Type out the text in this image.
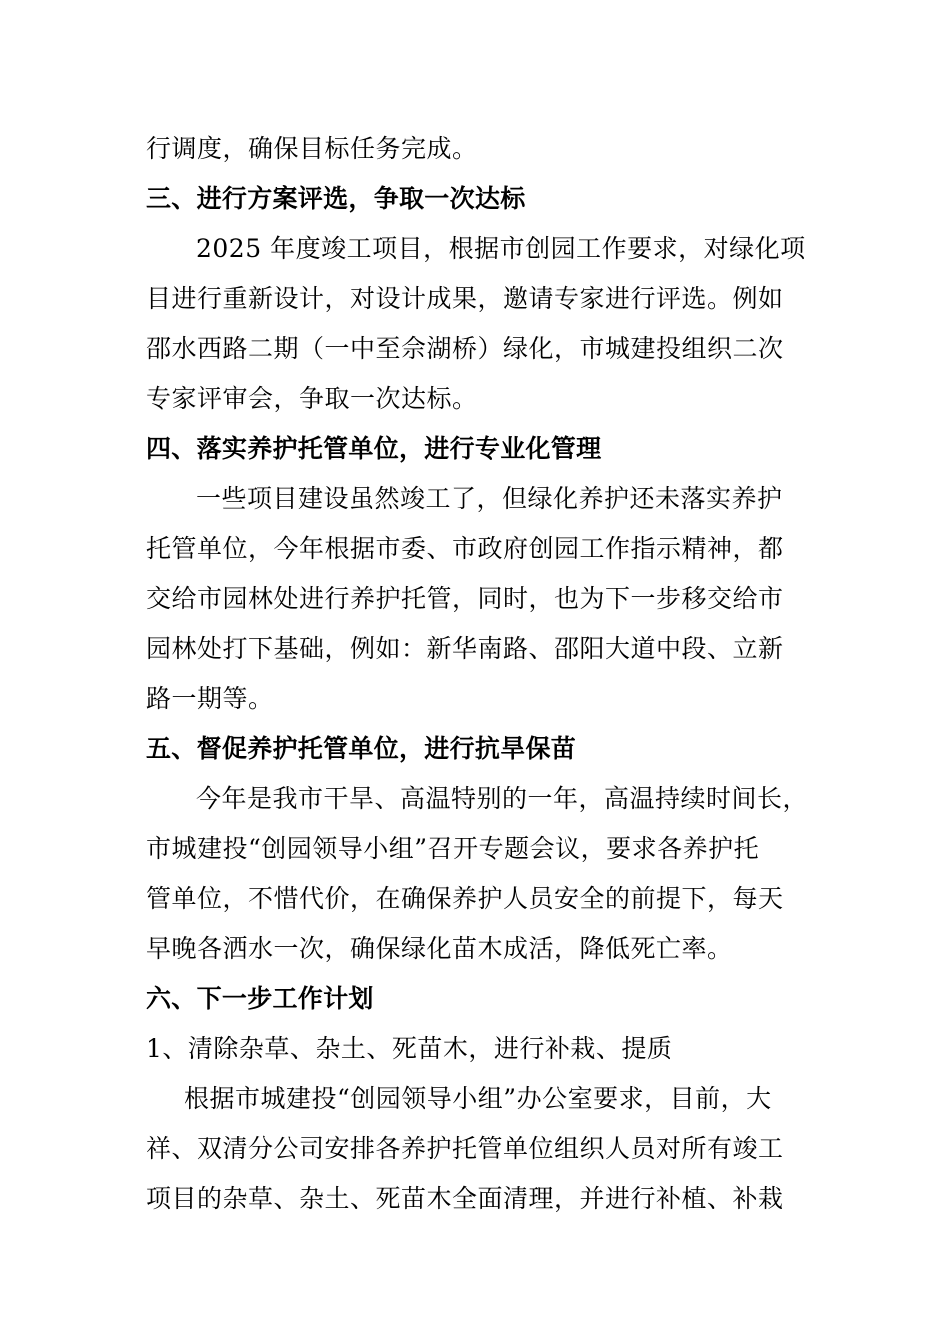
行调度，确保目标任务完成。
三、进行方案评选，争取一次达标
2025 年度竣工项目，根据市创园工作要求，对绿化项
目进行重新设计，对设计成果，邀请专家进行评选。例如
邵水西路二期（一中至佘湖桥）绿化，市城建投组织二次
专家评审会，争取一次达标。
四、落实养护托管单位，进行专业化管理
一些项目建设虽然竣工了，但绿化养护还未落实养护
托管单位，今年根据市委、市政府创园工作指示精神，都
交给市园林处进行养护托管，同时，也为下一步移交给市
园林处打下基础，例如：新华南路、邵阳大道中段、立新
路一期等。
五、督促养护托管单位，进行抗旱保苗
今年是我市干旱、高温特别的一年，高温持续时间长，
市城建投“创园领导小组”召开专题会议，要求各养护托
管单位，不惜代价，在确保养护人员安全的前提下，每天
早晚各洒水一次，确保绿化苗木成活，降低死亡率。
六、下一步工作计划
1、清除杂草、杂土、死苗木，进行补栽、提质
根据市城建投“创园领导小组”办公室要求，目前，大
祥、双清分公司安排各养护托管单位组织人员对所有竣工
项目的杂草、杂土、死苗木全面清理，并进行补植、补栽
